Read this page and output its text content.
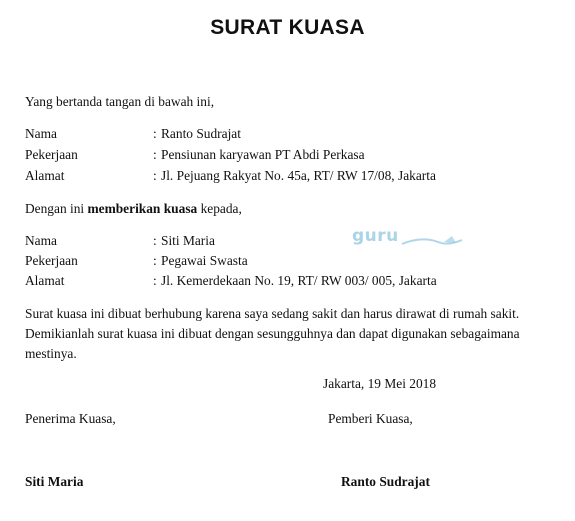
SURAT KUASA
Yang bertanda tangan di bawah ini,
Nama	: Ranto Sudrajat
Pekerjaan	: Pensiunan karyawan PT Abdi Perkasa
Alamat	: Jl. Pejuang Rakyat No. 45a, RT/ RW 17/08, Jakarta
Dengan ini memberikan kuasa kepada,
guru
Nama	: Siti Maria
Pekerjaan	: Pegawai Swasta
Alamat	: Jl. Kemerdekaan No. 19, RT/ RW 003/ 005, Jakarta
Surat kuasa ini dibuat berhubung karena saya sedang sakit dan harus dirawat di rumah sakit.
Demikianlah surat kuasa ini dibuat dengan sesungguhnya dan dapat digunakan sebagaimana
mestinya.
Jakarta, 19 Mei 2018
Penerima Kuasa,	Pemberi Kuasa,
Siti Maria	Ranto Sudrajat
